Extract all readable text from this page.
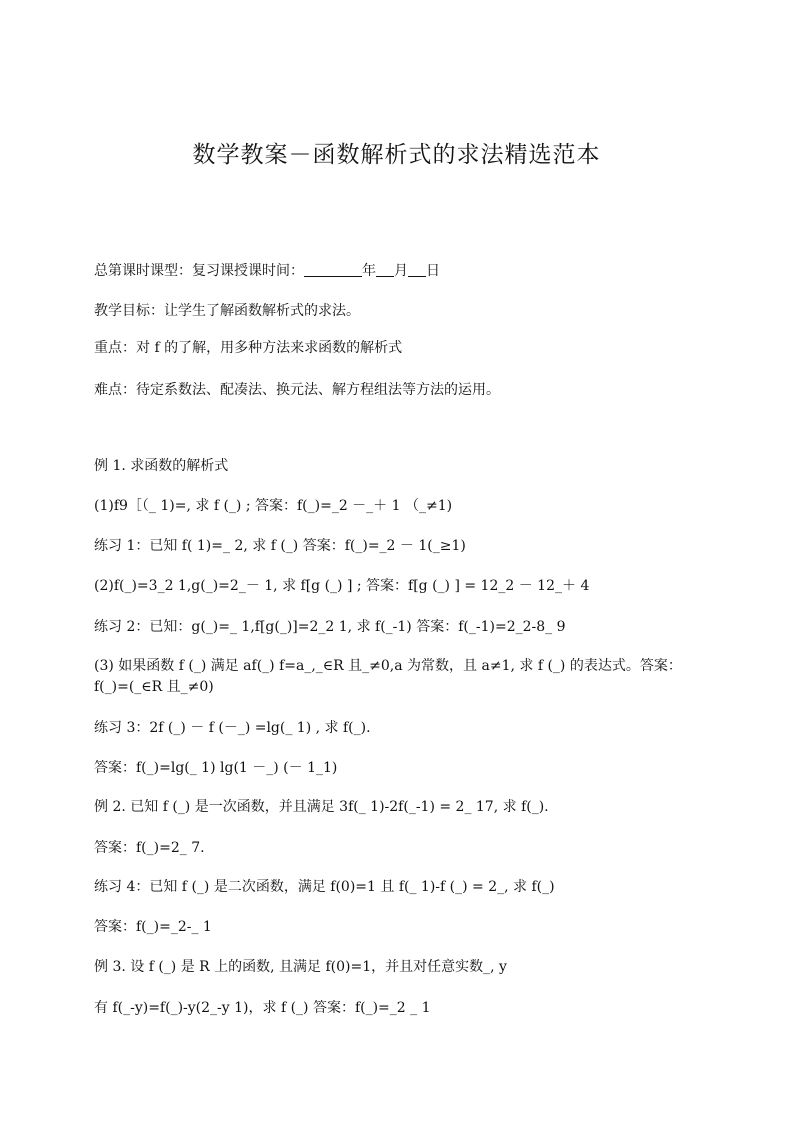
数学教案－函数解析式的求法精选范本
总第课时课型：复习课授课时间：	年 月 日
教学目标：让学生了解函数解析式的求法。
重点：对 f 的了解，用多种方法来求函数的解析式
难点：待定系数法、配凑法、换元法、解方程组法等方法的运用。
例 1. 求函数的解析式
(1)f9［（_ 1)=, 求 f (_) ; 答案：f(_)=_2 －_＋ 1 （_≠1)
练习 1：已知 f( 1)=_ 2, 求 f (_) 答案：f(_)=_2 － 1(_≥1)
(2)f(_)=3_2 1,g(_)=2_－ 1, 求 f[g (_) ] ; 答案：f[g (_) ] = 12_2 － 12_＋ 4
练习 2：已知：g(_)=_ 1,f[g(_)]=2_2 1, 求 f(_-1) 答案：f(_-1)=2_2-8_ 9
(3) 如果函数 f (_) 满足 af(_) f=a_,_∈R 且_≠0,a 为常数，且 a≠1, 求 f (_) 的表达式。答案：f(_)=(_∈R 且_≠0)
练习 3：2f (_) － f (－_) =lg(_ 1) , 求 f(_).
答案：f(_)=lg(_ 1) lg(1 －_) (－ 1_1)
例 2. 已知 f (_) 是一次函数，并且满足 3f(_ 1)-2f(_-1) = 2_ 17, 求 f(_).
答案：f(_)=2_ 7.
练习 4：已知 f (_) 是二次函数，满足 f(0)=1 且 f(_ 1)-f (_) = 2_, 求 f(_)
答案：f(_)=_2-_ 1
例 3. 设 f (_) 是 R 上的函数, 且满足 f(0)=1，并且对任意实数_, y
有 f(_-y)=f(_)-y(2_-y 1)，求 f (_) 答案：f(_)=_2 _ 1
